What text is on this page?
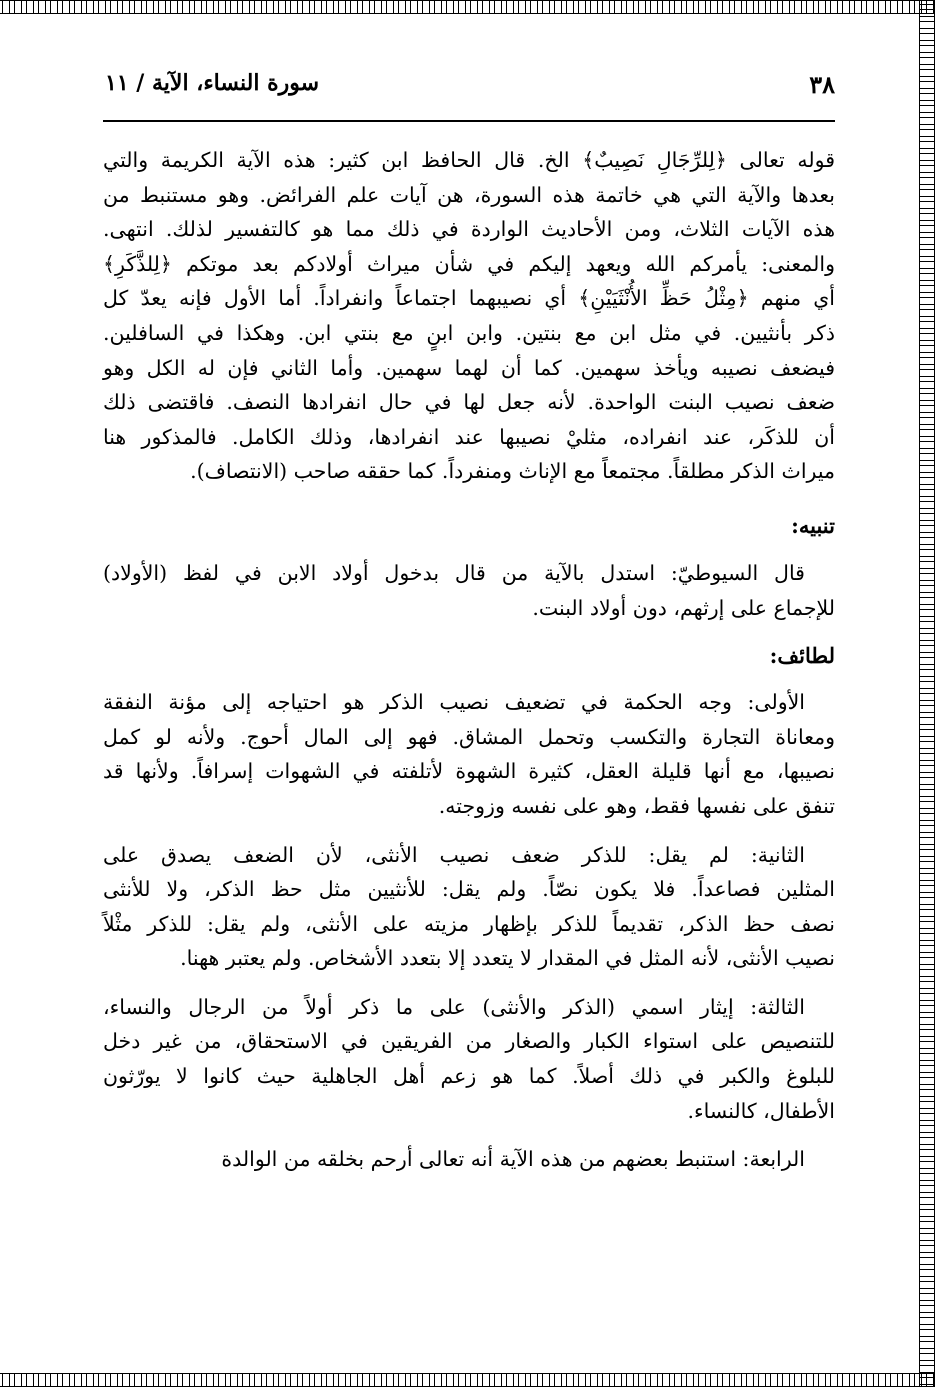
٣٨
سورة النساء، الآية / ١١

قوله تعالى ﴿لِلرِّجَالِ نَصِيبٌ﴾ الخ. قال الحافظ ابن كثير: هذه الآية الكريمة والتي
بعدها والآية التي هي خاتمة هذه السورة، هن آيات علم الفرائض. وهو مستنبط من
هذه الآيات الثلاث، ومن الأحاديث الواردة في ذلك مما هو كالتفسير لذلك. انتهى.
والمعنى: يأمركم الله ويعهد إليكم في شأن ميراث أولادكم بعد موتكم ﴿لِلذَّكَرِ﴾
أي منهم ﴿مِثْلُ حَظِّ الأُنْثَيَيْنِ﴾ أي نصيبهما اجتماعاً وانفراداً. أما الأول فإنه يعدّ كل
ذكر بأنثيين. في مثل ابن مع بنتين. وابن ابنٍ مع بنتي ابن. وهكذا في السافلين.
فيضعف نصيبه ويأخذ سهمين. كما أن لهما سهمين. وأما الثاني فإن له الكل وهو
ضعف نصيب البنت الواحدة. لأنه جعل لها في حال انفرادها النصف. فاقتضى ذلك
أن للذكَر، عند انفراده، مثليْ نصيبها عند انفرادها، وذلك الكامل. فالمذكور هنا
ميراث الذكر مطلقاً. مجتمعاً مع الإناث ومنفرداً. كما حققه صاحب (الانتصاف).

تنبيه:

قال السيوطيّ: استدل بالآية من قال بدخول أولاد الابن في لفظ (الأولاد)
للإجماع على إرثهم، دون أولاد البنت.

لطائف:

الأولى: وجه الحكمة في تضعيف نصيب الذكر هو احتياجه إلى مؤنة النفقة
ومعاناة التجارة والتكسب وتحمل المشاق. فهو إلى المال أحوج. ولأنه لو كمل
نصيبها، مع أنها قليلة العقل، كثيرة الشهوة لأتلفته في الشهوات إسرافاً. ولأنها قد
تنفق على نفسها فقط، وهو على نفسه وزوجته.

الثانية: لم يقل: للذكر ضعف نصيب الأنثى، لأن الضعف يصدق على
المثلين فصاعداً. فلا يكون نصّاً. ولم يقل: للأنثيين مثل حظ الذكر، ولا للأنثى
نصف حظ الذكر، تقديماً للذكر بإظهار مزيته على الأنثى، ولم يقل: للذكر مثْلاً
نصيب الأنثى، لأنه المثل في المقدار لا يتعدد إلا بتعدد الأشخاص. ولم يعتبر ههنا.

الثالثة: إيثار اسمي (الذكر والأنثى) على ما ذكر أولاً من الرجال والنساء،
للتنصيص على استواء الكبار والصغار من الفريقين في الاستحقاق، من غير دخل
للبلوغ والكبر في ذلك أصلاً. كما هو زعم أهل الجاهلية حيث كانوا لا يورّثون
الأطفال، كالنساء.

الرابعة: استنبط بعضهم من هذه الآية أنه تعالى أرحم بخلقه من الوالدة
